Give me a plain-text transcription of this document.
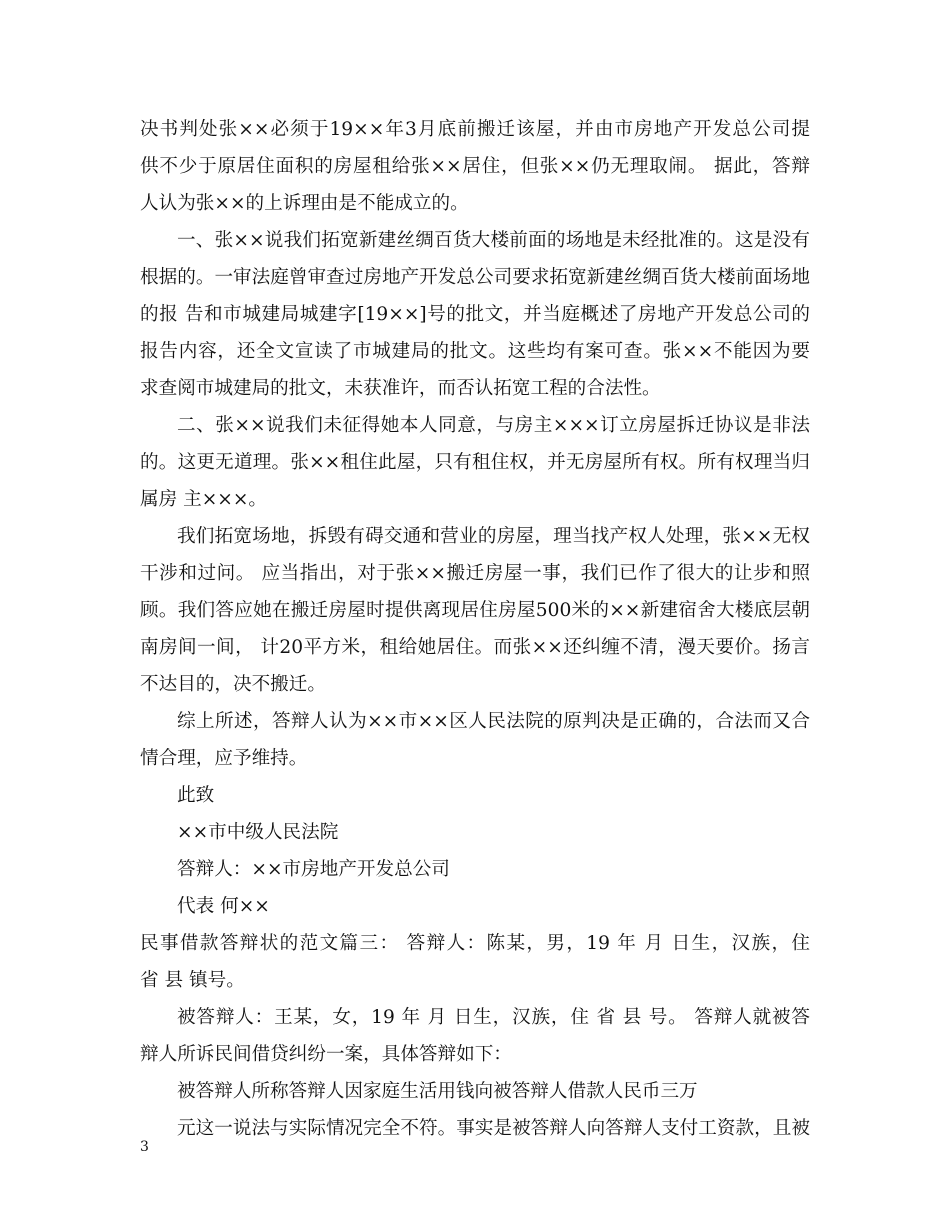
决书判处张××必须于19××年3月底前搬迁该屋，并由市房地产开发总公司提
供不少于原居住面积的房屋租给张××居住，但张××仍无理取闹。 据此，答辩
人认为张××的上诉理由是不能成立的。
一、张××说我们拓宽新建丝绸百货大楼前面的场地是未经批准的。这是没有
根据的。一审法庭曾审查过房地产开发总公司要求拓宽新建丝绸百货大楼前面场地
的报 告和市城建局城建字[19××]号的批文，并当庭概述了房地产开发总公司的
报告内容，还全文宣读了市城建局的批文。这些均有案可查。张××不能因为要
求查阅市城建局的批文，未获准许，而否认拓宽工程的合法性。
二、张××说我们未征得她本人同意，与房主×××订立房屋拆迁协议是非法
的。这更无道理。张××租住此屋，只有租住权，并无房屋所有权。所有权理当归
属房 主×××。
我们拓宽场地，拆毁有碍交通和营业的房屋，理当找产权人处理，张××无权
干涉和过问。 应当指出，对于张××搬迁房屋一事，我们已作了很大的让步和照
顾。我们答应她在搬迁房屋时提供离现居住房屋500米的××新建宿舍大楼底层朝
南房间一间， 计20平方米，租给她居住。而张××还纠缠不清，漫天要价。扬言
不达目的，决不搬迁。
综上所述，答辩人认为××市××区人民法院的原判决是正确的，合法而又合
情合理，应予维持。
此致
××市中级人民法院
答辩人：××市房地产开发总公司
代表 何××
民事借款答辩状的范文篇三： 答辩人：陈某，男，19 年 月 日生，汉族，住
省 县 镇号。
被答辩人：王某，女，19 年 月 日生，汉族，住 省 县 号。 答辩人就被答
辩人所诉民间借贷纠纷一案，具体答辩如下：
被答辩人所称答辩人因家庭生活用钱向被答辩人借款人民币三万
元这一说法与实际情况完全不符。事实是被答辩人向答辩人支付工资款，且被
3
